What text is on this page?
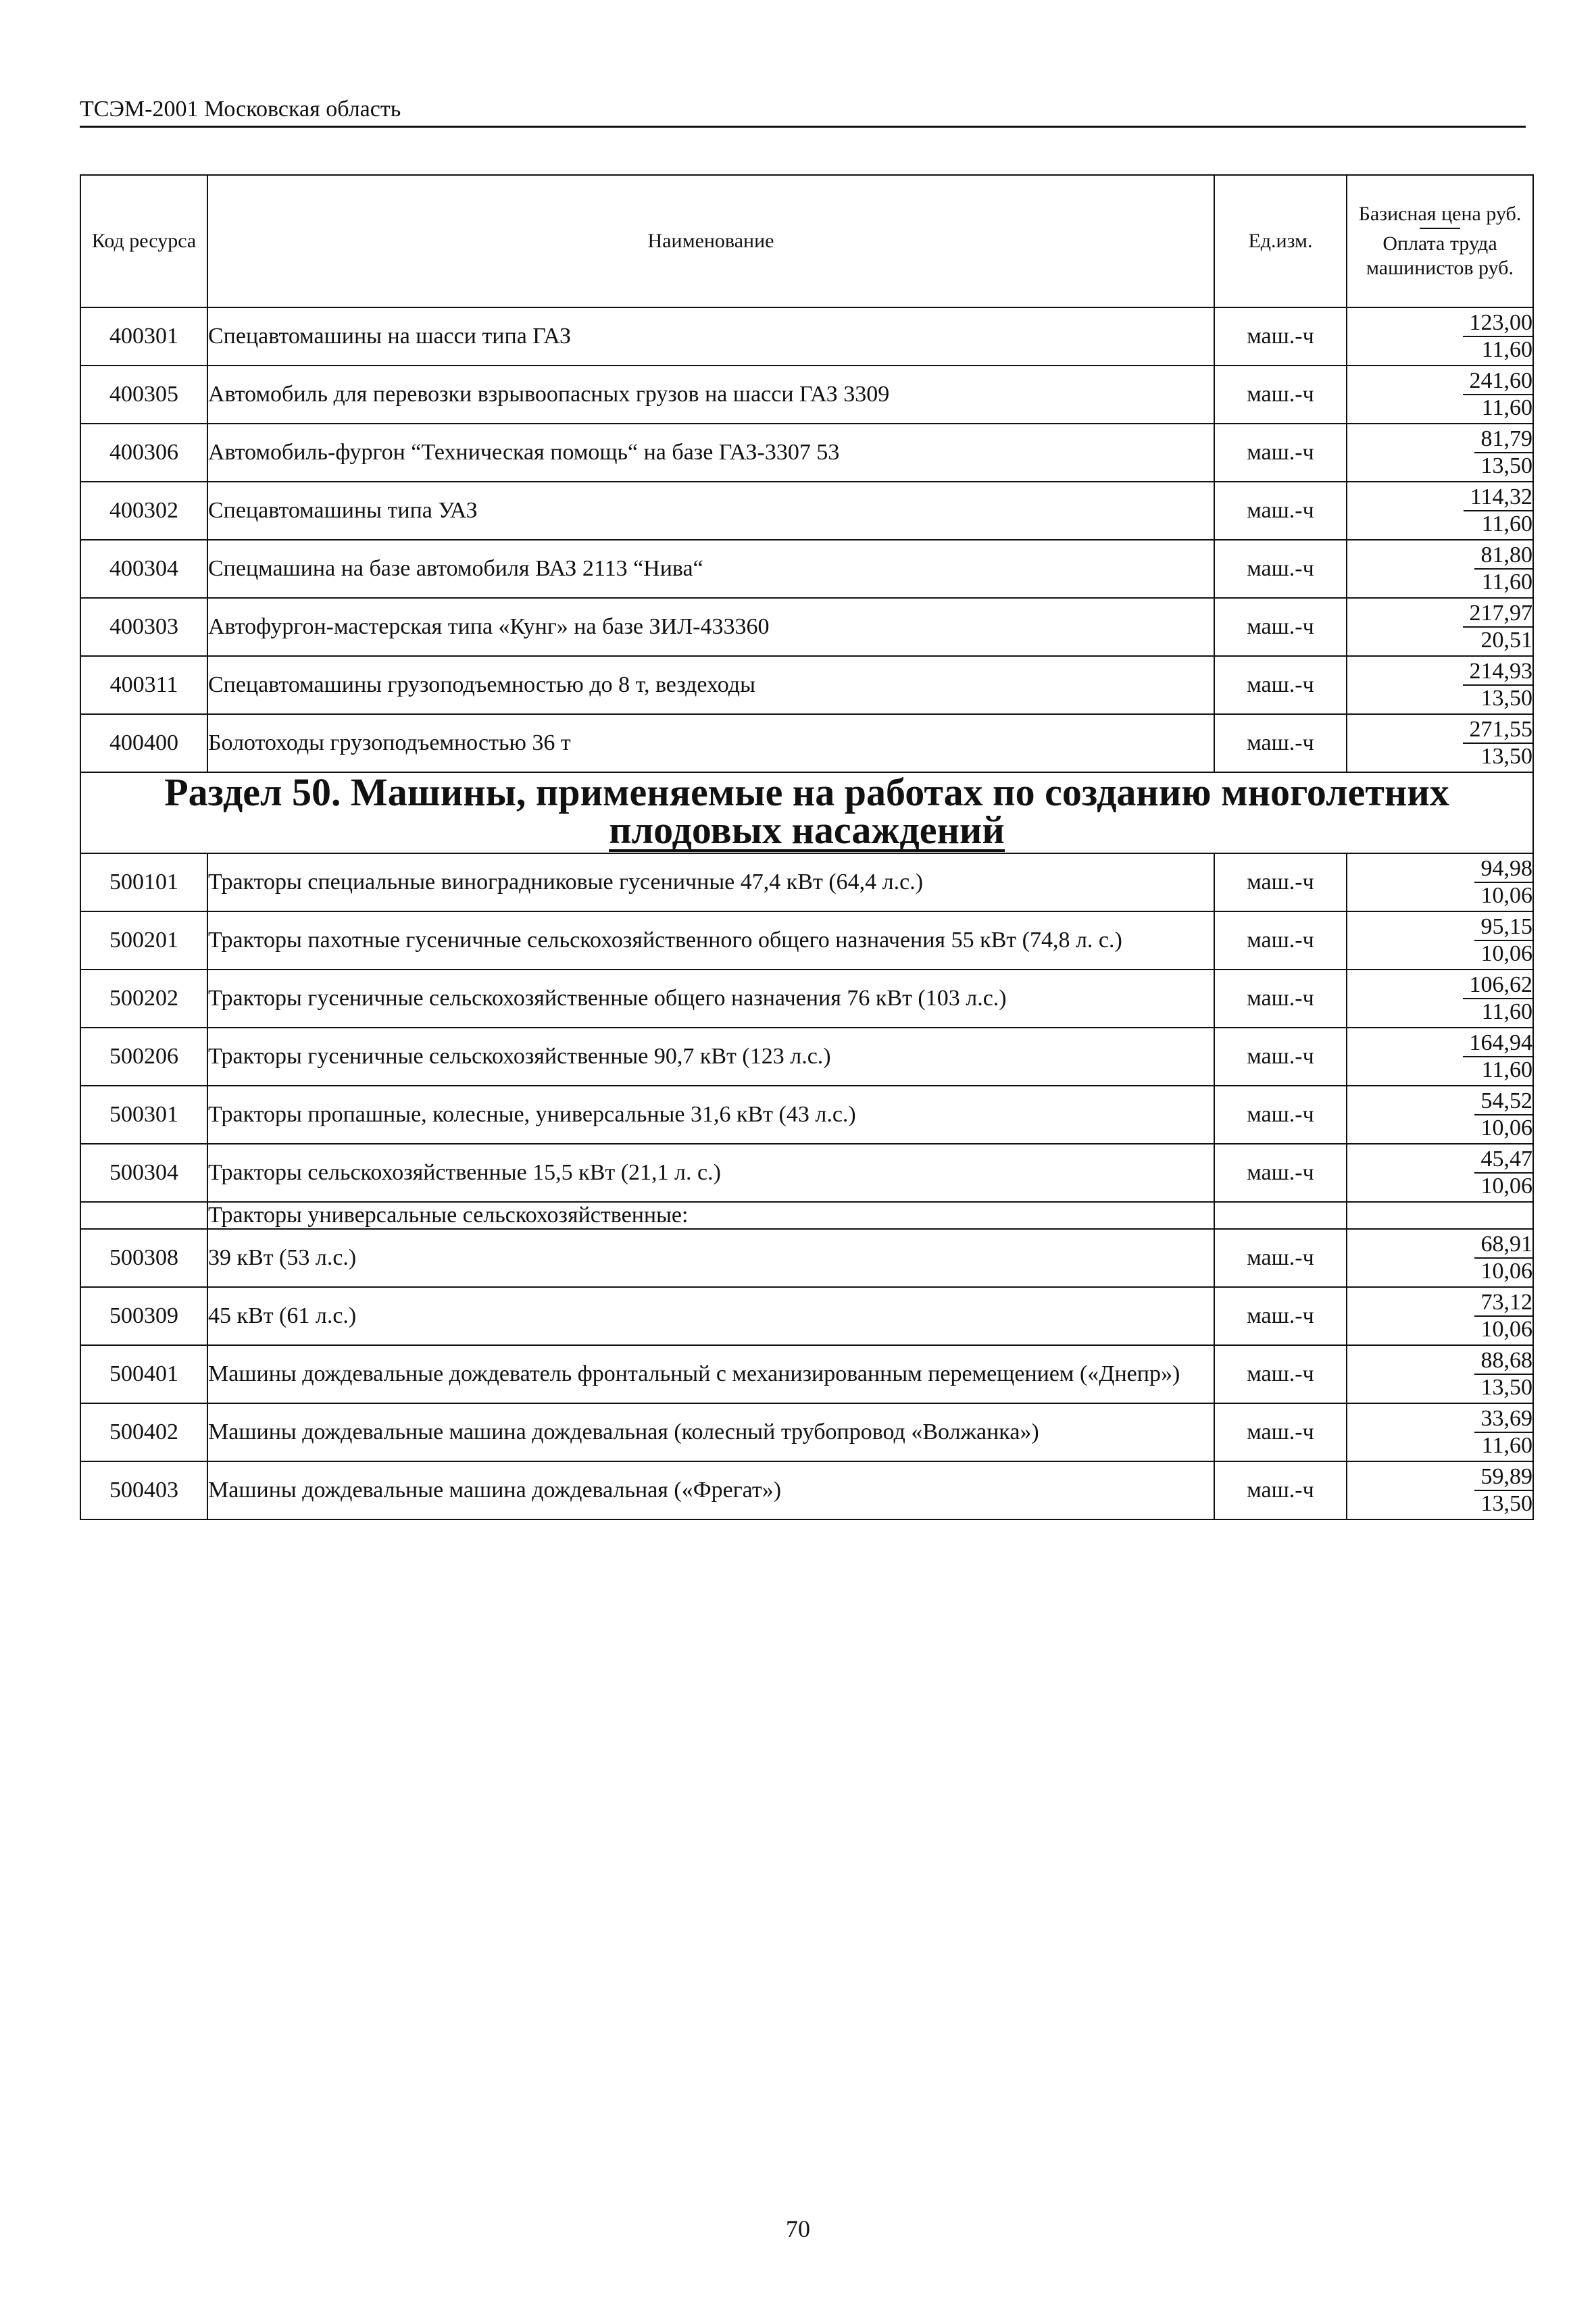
ТСЭМ-2001 Московская область
Код ресурса	Наименование	Ед.изм.	Базисная цена руб.
Оплата труда машинистов руб.

400301	Спецавтомашины на шасси типа ГАЗ	маш.-ч	$\frac{123,00}{11,60}$

400305	Автомобиль для перевозки взрывоопасных грузов на шасси ГАЗ 3309	маш.-ч	$\frac{241,60}{11,60}$

400306	Автомобиль-фургон “Техническая помощь“ на базе ГАЗ-3307 53	маш.-ч	$\frac{81,79}{13,50}$

400302	Спецавтомашины типа УАЗ	маш.-ч	$\frac{114,32}{11,60}$

400304	Спецмашина на базе автомобиля ВАЗ 2113 “Нива“	маш.-ч	$\frac{81,80}{11,60}$

400303	Автофургон-мастерская типа «Кунг» на базе ЗИЛ-433360	маш.-ч	$\frac{217,97}{20,51}$

400311	Спецавтомашины грузоподъемностью до 8 т, вездеходы	маш.-ч	$\frac{214,93}{13,50}$

400400	Болотоходы грузоподъемностью 36 т	маш.-ч	$\frac{271,55}{13,50}$

Раздел 50. Машины, применяемые на работах по созданию многолетних
плодовых насаждений			
500101	Тракторы специальные виноградниковые гусеничные 47,4 кВт (64,4 л.с.)	маш.-ч	$\frac{94,98}{10,06}$

500201	Тракторы пахотные гусеничные сельскохозяйственного общего назначения 55 кВт (74,8 л. с.)	маш.-ч	$\frac{95,15}{10,06}$

500202	Тракторы гусеничные сельскохозяйственные общего назначения 76 кВт (103 л.с.)	маш.-ч	$\frac{106,62}{11,60}$

500206	Тракторы гусеничные сельскохозяйственные 90,7 кВт (123 л.с.)	маш.-ч	$\frac{164,94}{11,60}$

500301	Тракторы пропашные, колесные, универсальные 31,6 кВт (43 л.с.)	маш.-ч	$\frac{54,52}{10,06}$

500304	Тракторы сельскохозяйственные 15,5 кВт (21,1 л. с.)	маш.-ч	$\frac{45,47}{10,06}$

	Тракторы универсальные сельскохозяйственные:		
500308	39 кВт (53 л.с.)	маш.-ч	$\frac{68,91}{10,06}$

500309	45 кВт (61 л.с.)	маш.-ч	$\frac{73,12}{10,06}$

500401	Машины дождевальные дождеватель фронтальный с механизированным перемещением («Днепр»)	маш.-ч	$\frac{88,68}{13,50}$

500402	Машины дождевальные машина дождевальная (колесный трубопровод «Волжанка»)	маш.-ч	$\frac{33,69}{11,60}$

500403	Машины дождевальные машина дождевальная («Фрегат»)	маш.-ч	$\frac{59,89}{13,50}$
70
